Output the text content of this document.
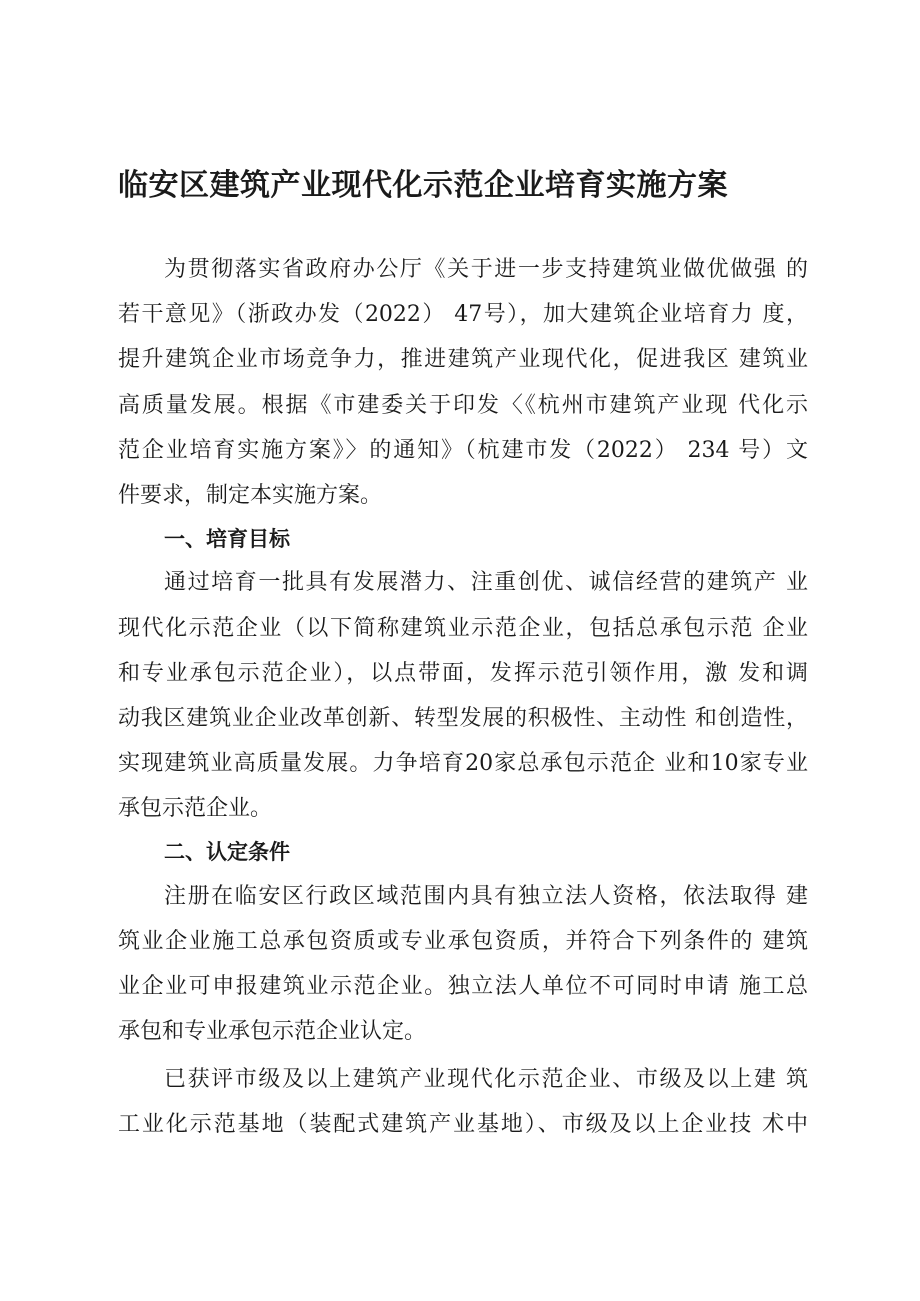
临安区建筑产业现代化示范企业培育实施方案
为贯彻落实省政府办公厅《关于进一步支持建筑业做优做强 的
若干意见》（浙政办发（2022） 47号），加大建筑企业培育力 度，
提升建筑企业市场竞争力，推进建筑产业现代化，促进我区 建筑业
高质量发展。根据《市建委关于印发〈《杭州市建筑产业现 代化示
范企业培育实施方案》〉的通知》（杭建市发（2022） 234 号）文
件要求，制定本实施方案。
一、培育目标
通过培育一批具有发展潜力、注重创优、诚信经营的建筑产 业
现代化示范企业（以下简称建筑业示范企业，包括总承包示范 企业
和专业承包示范企业），以点带面，发挥示范引领作用，激 发和调
动我区建筑业企业改革创新、转型发展的积极性、主动性 和创造性，
实现建筑业高质量发展。力争培育20家总承包示范企 业和10家专业
承包示范企业。
二、认定条件
注册在临安区行政区域范围内具有独立法人资格，依法取得 建
筑业企业施工总承包资质或专业承包资质，并符合下列条件的 建筑
业企业可申报建筑业示范企业。独立法人单位不可同时申请 施工总
承包和专业承包示范企业认定。
已获评市级及以上建筑产业现代化示范企业、市级及以上建 筑
工业化示范基地（装配式建筑产业基地）、市级及以上企业技 术中
